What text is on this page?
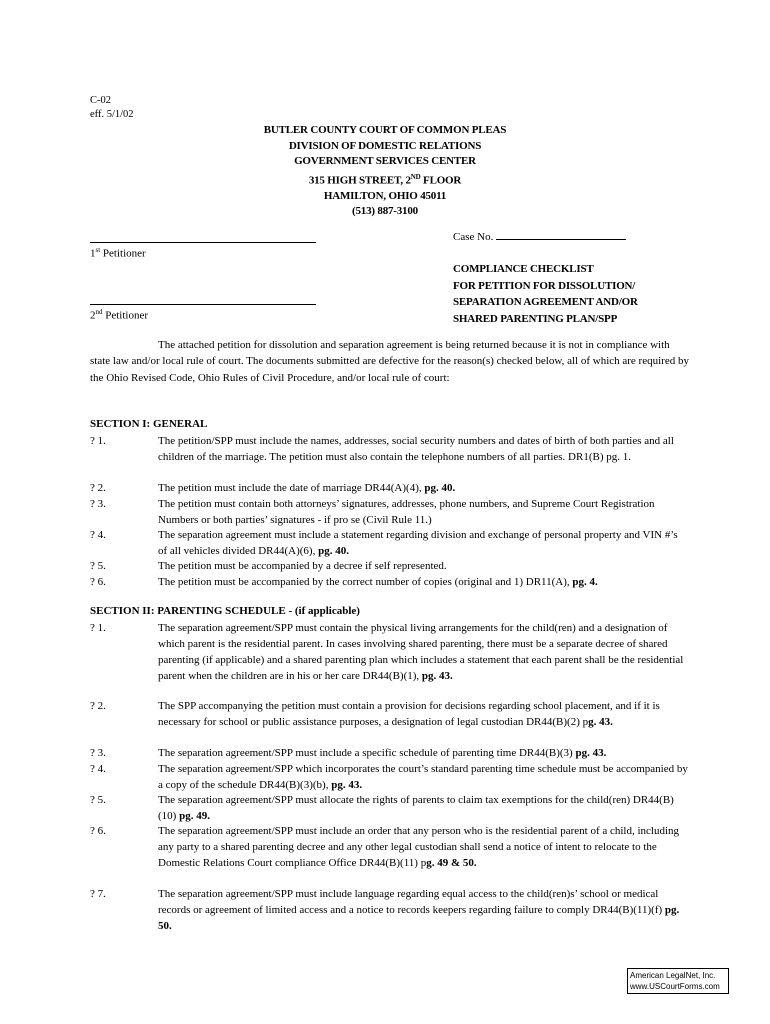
C-02
eff. 5/1/02
BUTLER COUNTY COURT OF COMMON PLEAS
DIVISION OF DOMESTIC RELATIONS
GOVERNMENT SERVICES CENTER
315 HIGH STREET, 2ND FLOOR
HAMILTON, OHIO 45011
(513) 887-3100
1st Petitioner
2nd Petitioner
Case No.
COMPLIANCE CHECKLIST
FOR PETITION FOR DISSOLUTION/
SEPARATION AGREEMENT AND/OR
SHARED PARENTING PLAN/SPP
The attached petition for dissolution and separation agreement is being returned because it is not in compliance with state law and/or local rule of court. The documents submitted are defective for the reason(s) checked below, all of which are required by the Ohio Revised Code, Ohio Rules of Civil Procedure, and/or local rule of court:
SECTION I: GENERAL
? 1.	The petition/SPP must include the names, addresses, social security numbers and dates of birth of both parties and all children of the marriage. The petition must also contain the telephone numbers of all parties. DR1(B) pg. 1.
? 2.	The petition must include the date of marriage DR44(A)(4), pg. 40.
? 3.	The petition must contain both attorneys’ signatures, addresses, phone numbers, and Supreme Court Registration Numbers or both parties’ signatures - if pro se (Civil Rule 11.)
? 4.	The separation agreement must include a statement regarding division and exchange of personal property and VIN #’s of all vehicles divided DR44(A)(6), pg. 40.
? 5.	The petition must be accompanied by a decree if self represented.
? 6.	The petition must be accompanied by the correct number of copies (original and 1) DR11(A), pg. 4.
SECTION II: PARENTING SCHEDULE - (if applicable)
? 1.	The separation agreement/SPP must contain the physical living arrangements for the child(ren) and a designation of which parent is the residential parent. In cases involving shared parenting, there must be a separate decree of shared parenting (if applicable) and a shared parenting plan which includes a statement that each parent shall be the residential parent when the children are in his or her care DR44(B)(1), pg. 43.
? 2.	The SPP accompanying the petition must contain a provision for decisions regarding school placement, and if it is necessary for school or public assistance purposes, a designation of legal custodian DR44(B)(2) pg. 43.
? 3.	The separation agreement/SPP must include a specific schedule of parenting time DR44(B)(3) pg. 43.
? 4.	The separation agreement/SPP which incorporates the court’s standard parenting time schedule must be accompanied by a copy of the schedule DR44(B)(3)(b), pg. 43.
? 5.	The separation agreement/SPP must allocate the rights of parents to claim tax exemptions for the child(ren) DR44(B)(10) pg. 49.
? 6.	The separation agreement/SPP must include an order that any person who is the residential parent of a child, including any party to a shared parenting decree and any other legal custodian shall send a notice of intent to relocate to the Domestic Relations Court compliance Office DR44(B)(11) pg. 49 & 50.
? 7.	The separation agreement/SPP must include language regarding equal access to the child(ren)s’ school or medical records or agreement of limited access and a notice to records keepers regarding failure to comply DR44(B)(11)(f) pg. 50.
American LegalNet, Inc.
www.USCourtForms.com
